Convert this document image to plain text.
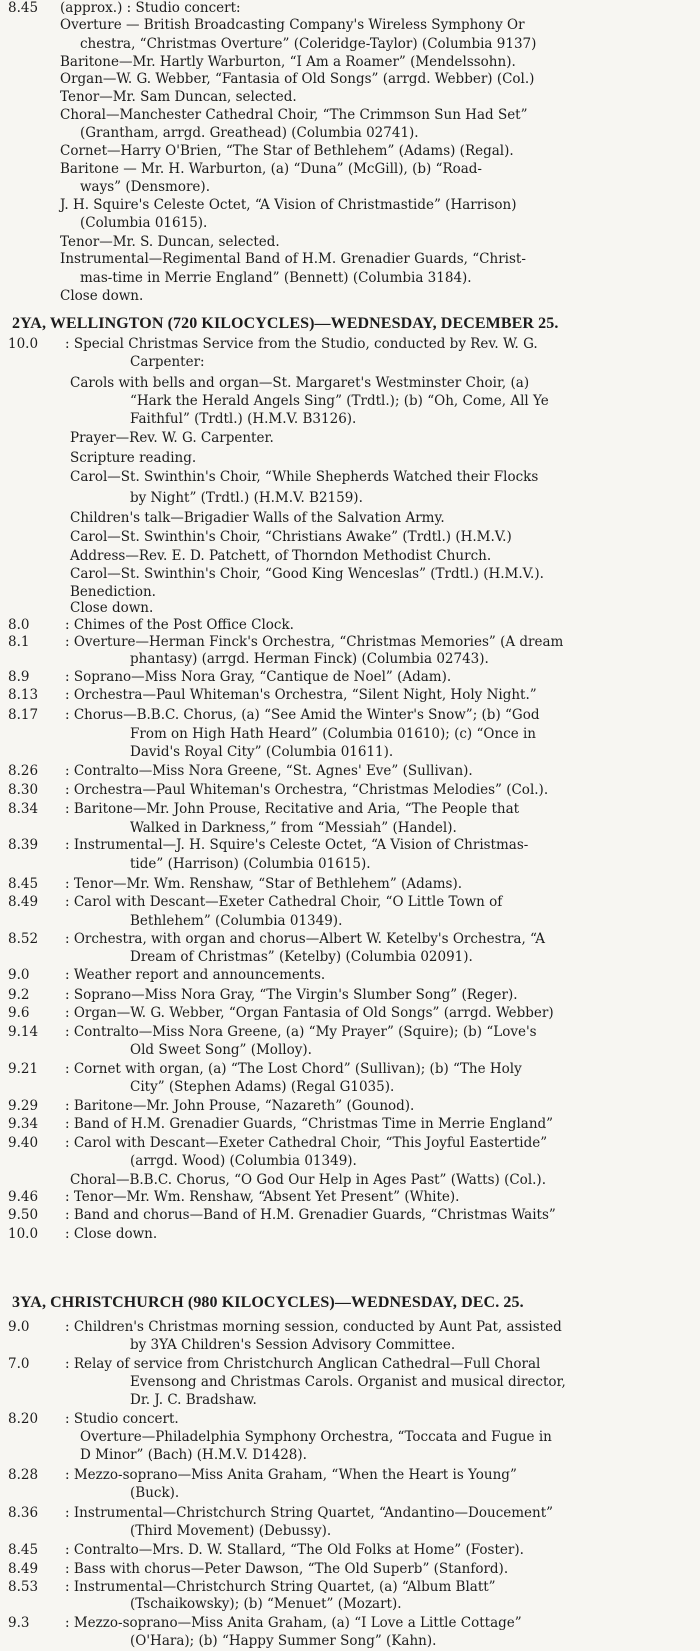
8.45	(approx.) : Studio concert:
Overture — British Broadcasting Company's Wireless Symphony Or
chestra, “Christmas Overture” (Coleridge-Taylor) (Columbia 9137)
Baritone—Mr. Hartly Warburton, “I Am a Roamer” (Mendelssohn).
Organ—W. G. Webber, “Fantasia of Old Songs” (arrgd. Webber) (Col.)
Tenor—Mr. Sam Duncan, selected.
Choral—Manchester Cathedral Choir, “The Crimmson Sun Had Set”
(Grantham, arrgd. Greathead) (Columbia 02741).
Cornet—Harry O'Brien, “The Star of Bethlehem” (Adams) (Regal).
Baritone — Mr. H. Warburton, (a) “Duna” (McGill), (b) “Road-
ways” (Densmore).
J. H. Squire's Celeste Octet, “A Vision of Christmastide” (Harrison)
(Columbia 01615).
Tenor—Mr. S. Duncan, selected.
Instrumental—Regimental Band of H.M. Grenadier Guards, “Christ-
mas-time in Merrie England” (Bennett) (Columbia 3184).
Close down.
2YA, WELLINGTON (720 KILOCYCLES)—WEDNESDAY, DECEMBER 25.
10.0	: Special Christmas Service from the Studio, conducted by Rev. W. G.
Carpenter:
Carols with bells and organ—St. Margaret's Westminster Choir, (a)
“Hark the Herald Angels Sing” (Trdtl.); (b) “Oh, Come, All Ye
Faithful” (Trdtl.) (H.M.V. B3126).
Prayer—Rev. W. G. Carpenter.
Scripture reading.
Carol—St. Swinthin's Choir, “While Shepherds Watched their Flocks
by Night” (Trdtl.) (H.M.V. B2159).
Children's talk—Brigadier Walls of the Salvation Army.
Carol—St. Swinthin's Choir, “Christians Awake” (Trdtl.) (H.M.V.)
Address—Rev. E. D. Patchett, of Thorndon Methodist Church.
Carol—St. Swinthin's Choir, “Good King Wenceslas” (Trdtl.) (H.M.V.).
Benediction.
Close down.
8.0	: Chimes of the Post Office Clock.
8.1	: Overture—Herman Finck's Orchestra, “Christmas Memories” (A dream
phantasy) (arrgd. Herman Finck) (Columbia 02743).
8.9	: Soprano—Miss Nora Gray, “Cantique de Noel” (Adam).
8.13	: Orchestra—Paul Whiteman's Orchestra, “Silent Night, Holy Night.”
8.17	: Chorus—B.B.C. Chorus, (a) “See Amid the Winter's Snow”; (b) “God
From on High Hath Heard” (Columbia 01610); (c) “Once in
David's Royal City” (Columbia 01611).
8.26	: Contralto—Miss Nora Greene, “St. Agnes' Eve” (Sullivan).
8.30	: Orchestra—Paul Whiteman's Orchestra, “Christmas Melodies” (Col.).
8.34	: Baritone—Mr. John Prouse, Recitative and Aria, “The People that
Walked in Darkness,” from “Messiah” (Handel).
8.39	: Instrumental—J. H. Squire's Celeste Octet, “A Vision of Christmas-
tide” (Harrison) (Columbia 01615).
8.45	: Tenor—Mr. Wm. Renshaw, “Star of Bethlehem” (Adams).
8.49	: Carol with Descant—Exeter Cathedral Choir, “O Little Town of
Bethlehem” (Columbia 01349).
8.52	: Orchestra, with organ and chorus—Albert W. Ketelby's Orchestra, “A
Dream of Christmas” (Ketelby) (Columbia 02091).
9.0	: Weather report and announcements.
9.2	: Soprano—Miss Nora Gray, “The Virgin's Slumber Song” (Reger).
9.6	: Organ—W. G. Webber, “Organ Fantasia of Old Songs” (arrgd. Webber)
9.14	: Contralto—Miss Nora Greene, (a) “My Prayer” (Squire); (b) “Love's
Old Sweet Song” (Molloy).
9.21	: Cornet with organ, (a) “The Lost Chord” (Sullivan); (b) “The Holy
City” (Stephen Adams) (Regal G1035).
9.29	: Baritone—Mr. John Prouse, “Nazareth” (Gounod).
9.34	: Band of H.M. Grenadier Guards, “Christmas Time in Merrie England”
9.40	: Carol with Descant—Exeter Cathedral Choir, “This Joyful Eastertide”
(arrgd. Wood) (Columbia 01349).
Choral—B.B.C. Chorus, “O God Our Help in Ages Past” (Watts) (Col.).
9.46	: Tenor—Mr. Wm. Renshaw, “Absent Yet Present” (White).
9.50	: Band and chorus—Band of H.M. Grenadier Guards, “Christmas Waits”
10.0	: Close down.
3YA, CHRISTCHURCH (980 KILOCYCLES)—WEDNESDAY, DEC. 25.
9.0	: Children's Christmas morning session, conducted by Aunt Pat, assisted
by 3YA Children's Session Advisory Committee.
7.0	: Relay of service from Christchurch Anglican Cathedral—Full Choral
Evensong and Christmas Carols. Organist and musical director,
Dr. J. C. Bradshaw.
8.20	: Studio concert.
Overture—Philadelphia Symphony Orchestra, “Toccata and Fugue in
D Minor” (Bach) (H.M.V. D1428).
8.28	: Mezzo-soprano—Miss Anita Graham, “When the Heart is Young”
(Buck).
8.36	: Instrumental—Christchurch String Quartet, “Andantino—Doucement”
(Third Movement) (Debussy).
8.45	: Contralto—Mrs. D. W. Stallard, “The Old Folks at Home” (Foster).
8.49	: Bass with chorus—Peter Dawson, “The Old Superb” (Stanford).
8.53	: Instrumental—Christchurch String Quartet, (a) “Album Blatt”
(Tschaikowsky); (b) “Menuet” (Mozart).
9.3	: Mezzo-soprano—Miss Anita Graham, (a) “I Love a Little Cottage”
(O'Hara); (b) “Happy Summer Song” (Kahn).
